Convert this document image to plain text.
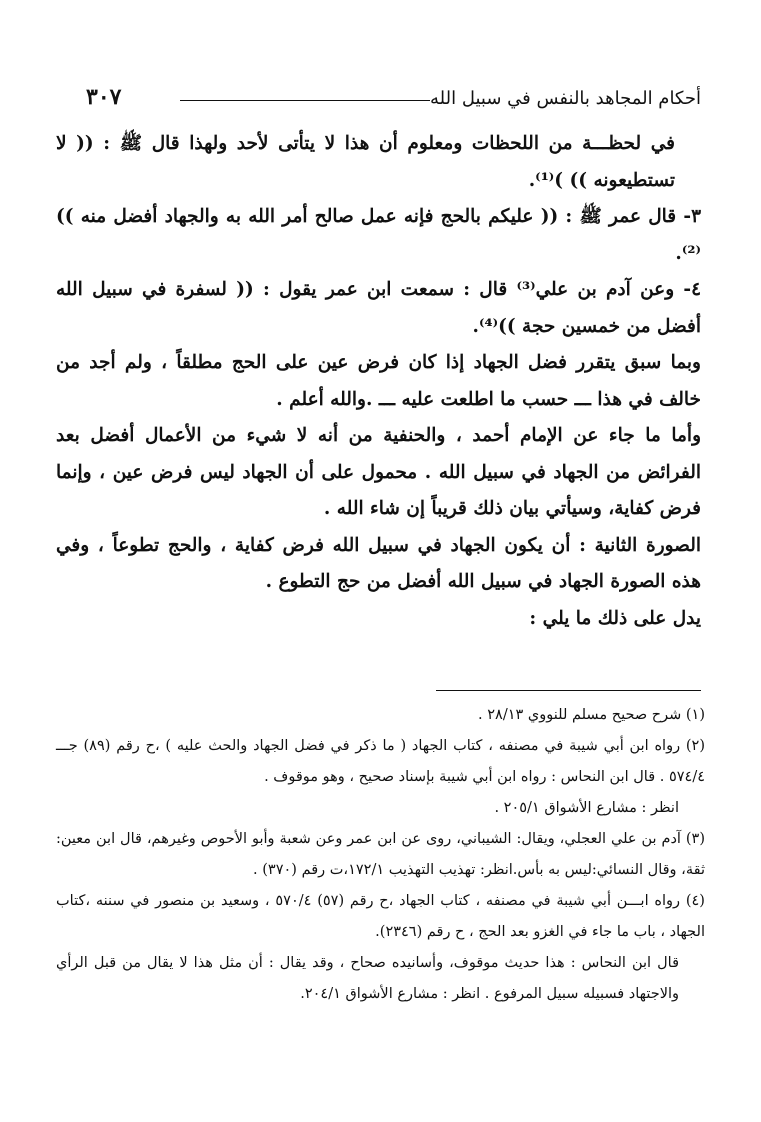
أحكام المجاهد بالنفس في سبيل الله
٣٠٧

في لحظـــة من اللحظات ومعلوم أن هذا لا يتأتى لأحد ولهذا قال ﷺ : (( لا تستطيعونه )) )⁽¹⁾.

٣- قال عمر ﷺ : (( عليكم بالحج فإنه عمل صالح أمر الله به والجهاد أفضل منه ))⁽²⁾.

٤- وعن آدم بن علي⁽³⁾ قال : سمعت ابن عمر يقول : (( لسفرة في سبيل الله أفضل من خمسين حجة ))⁽⁴⁾.

وبما سبق يتقرر فضل الجهاد إذا كان فرض عين على الحج مطلقاً ، ولم أجد من خالف في هذا ـــ حسب ما اطلعت عليه ـــ .والله أعلم .

وأما ما جاء عن الإمام أحمد ، والحنفية من أنه لا شيء من الأعمال أفضل بعد الفرائض من الجهاد في سبيل الله . محمول على أن الجهاد ليس فرض عين ، وإنما فرض كفاية، وسيأتي بيان ذلك قريباً إن شاء الله .

الصورة الثانية : أن يكون الجهاد في سبيل الله فرض كفاية ، والحج تطوعاً ، وفي هذه الصورة الجهاد في سبيل الله أفضل من حج التطوع .

يدل على ذلك ما يلي :

(١) شرح صحيح مسلم للنووي ٢٨/١٣ .

(٢) رواه ابن أبي شيبة في مصنفه ، كتاب الجهاد ( ما ذكر في فضل الجهاد والحث عليه ) ،ح رقم (٨٩) جـــ ٥٧٤/٤ . قال ابن النحاس : رواه ابن أبي شيبة بإسناد صحيح ، وهو موقوف .

انظر : مشارع الأشواق ٢٠٥/١ .

(٣) آدم بن علي العجلي، ويقال: الشيباني، روى عن ابن عمر وعن شعبة وأبو الأحوص وغيرهم، قال ابن معين: ثقة، وقال النسائي:ليس به بأس.انظر: تهذيب التهذيب ١٧٢/١،ت رقم (٣٧٠) .

(٤) رواه ابـــن أبي شيبة في مصنفه ، كتاب الجهاد ،ح رقم (٥٧) ٥٧٠/٤ ، وسعيد بن منصور في سننه ،كتاب الجهاد ، باب ما جاء في الغزو بعد الحج ، ح رقم (٢٣٤٦).

قال ابن النحاس : هذا حديث موقوف، وأسانيده صحاح ، وقد يقال : أن مثل هذا لا يقال من قبل الرأي والاجتهاد فسبيله سبيل المرفوع . انظر : مشارع الأشواق ٢٠٤/١.
